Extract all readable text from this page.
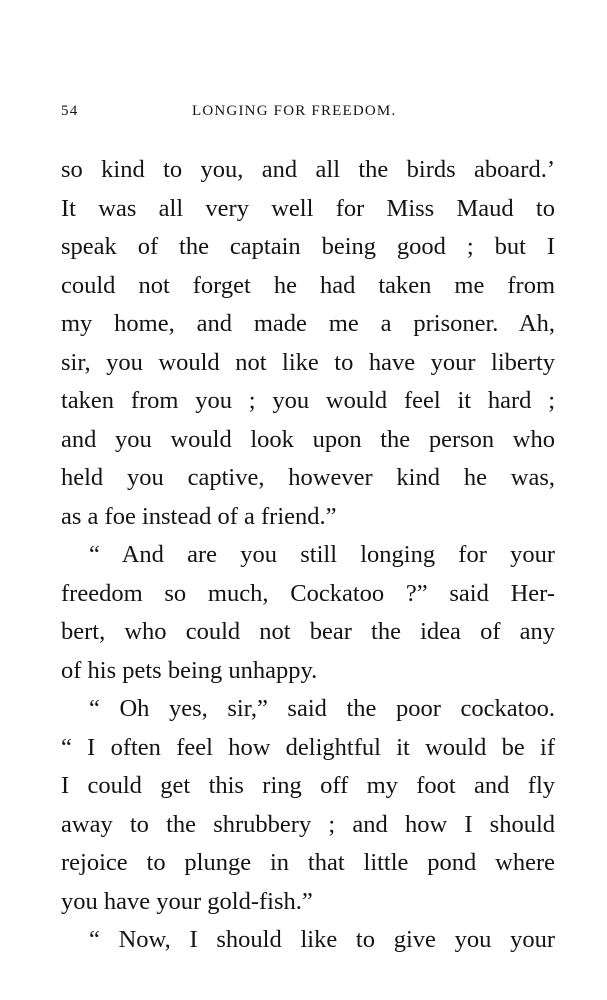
54	LONGING FOR FREEDOM.
so kind to you, and all the birds aboard.’
It was all very well for Miss Maud to
speak of the captain being good ; but I
could not forget he had taken me from
my home, and made me a prisoner. Ah,
sir, you would not like to have your liberty
taken from you ; you would feel it hard ;
and you would look upon the person who
held you captive, however kind he was,
as a foe instead of a friend.”
“ And are you still longing for your
freedom so much, Cockatoo ?” said Her-
bert, who could not bear the idea of any
of his pets being unhappy.
“ Oh yes, sir,” said the poor cockatoo.
“ I often feel how delightful it would be if
I could get this ring off my foot and fly
away to the shrubbery ; and how I should
rejoice to plunge in that little pond where
you have your gold-fish.”
“ Now, I should like to give you your
